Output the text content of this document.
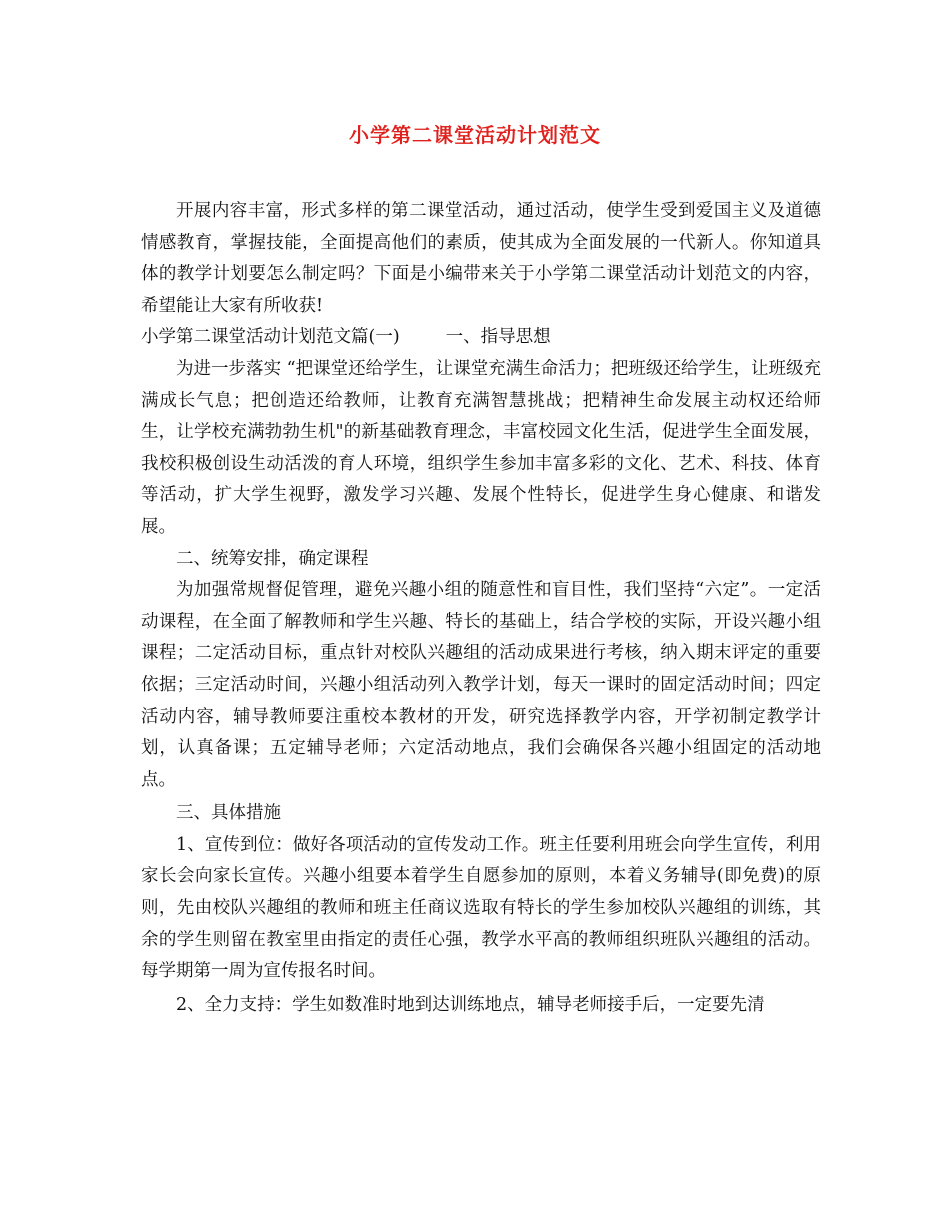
小学第二课堂活动计划范文

开展内容丰富，形式多样的第二课堂活动，通过活动，使学生受到爱国主义及道德情感教育，掌握技能，全面提高他们的素质，使其成为全面发展的一代新人。你知道具体的教学计划要怎么制定吗？下面是小编带来关于小学第二课堂活动计划范文的内容，希望能让大家有所收获!

小学第二课堂活动计划范文篇(一)	一、指导思想

为进一步落实 “把课堂还给学生，让课堂充满生命活力；把班级还给学生，让班级充满成长气息；把创造还给教师，让教育充满智慧挑战；把精神生命发展主动权还给师生，让学校充满勃勃生机"的新基础教育理念，丰富校园文化生活，促进学生全面发展，我校积极创设生动活泼的育人环境，组织学生参加丰富多彩的文化、艺术、科技、体育等活动，扩大学生视野，激发学习兴趣、发展个性特长，促进学生身心健康、和谐发展。

二、统筹安排，确定课程

为加强常规督促管理，避免兴趣小组的随意性和盲目性，我们坚持“六定”。一定活动课程，在全面了解教师和学生兴趣、特长的基础上，结合学校的实际，开设兴趣小组课程；二定活动目标，重点针对校队兴趣组的活动成果进行考核，纳入期末评定的重要依据；三定活动时间，兴趣小组活动列入教学计划，每天一课时的固定活动时间；四定活动内容，辅导教师要注重校本教材的开发，研究选择教学内容，开学初制定教学计划，认真备课；五定辅导老师；六定活动地点，我们会确保各兴趣小组固定的活动地点。

三、具体措施

1、宣传到位：做好各项活动的宣传发动工作。班主任要利用班会向学生宣传，利用家长会向家长宣传。兴趣小组要本着学生自愿参加的原则，本着义务辅导(即免费)的原则，先由校队兴趣组的教师和班主任商议选取有特长的学生参加校队兴趣组的训练，其余的学生则留在教室里由指定的责任心强，教学水平高的教师组织班队兴趣组的活动。每学期第一周为宣传报名时间。

2、全力支持：学生如数准时地到达训练地点，辅导老师接手后，一定要先清
